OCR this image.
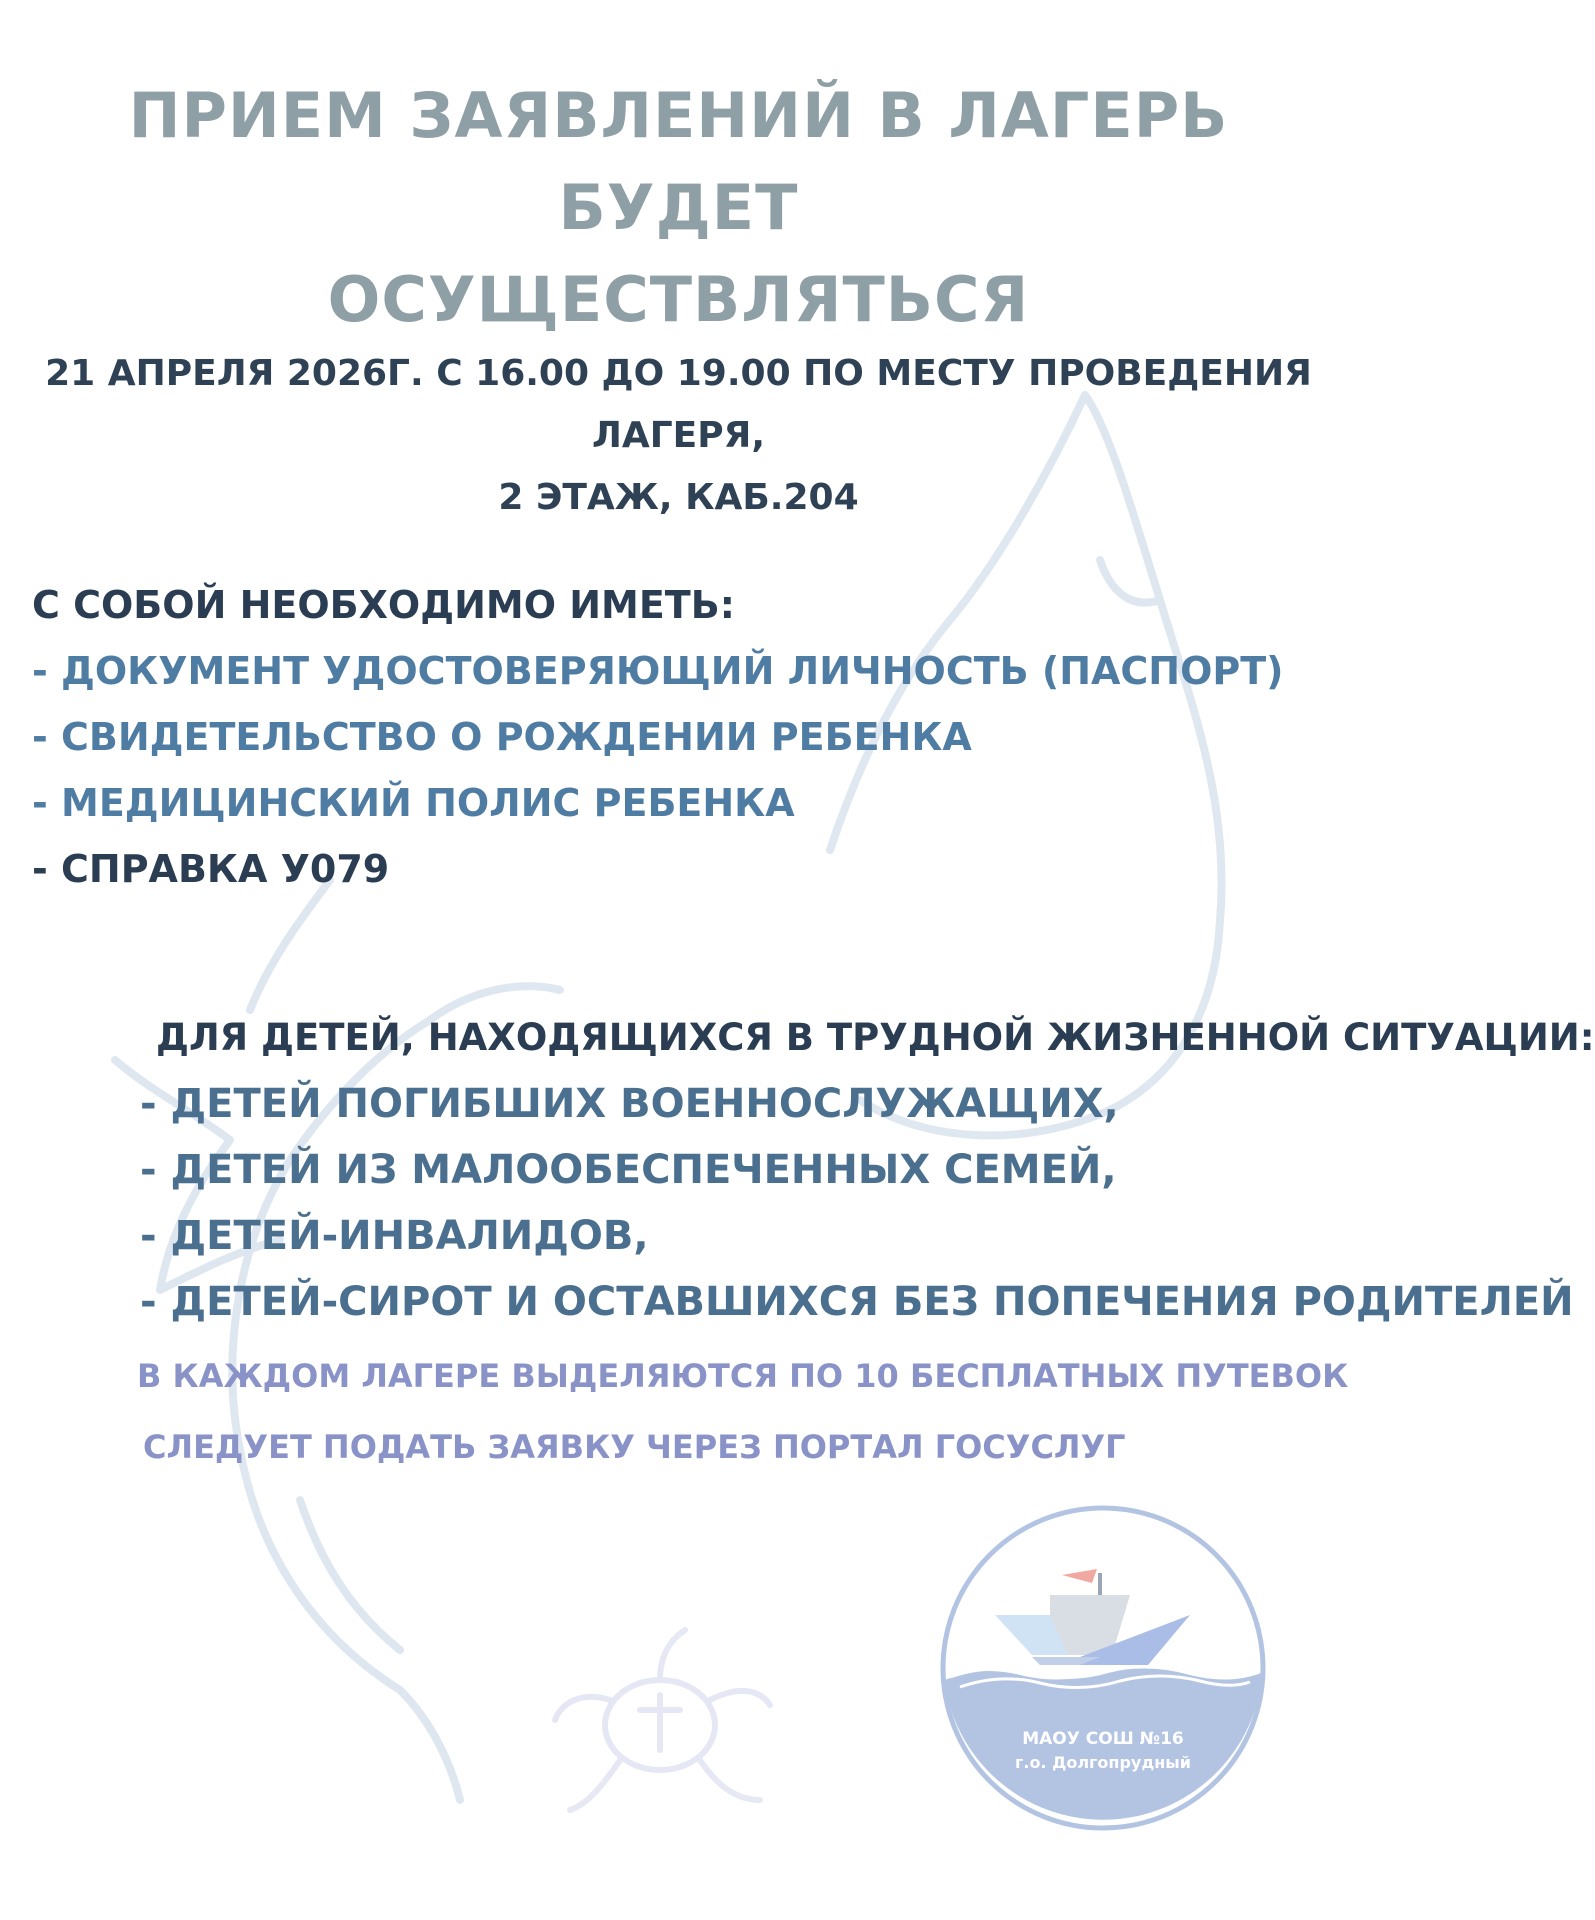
ПРИЕМ ЗАЯВЛЕНИЙ В ЛАГЕРЬ БУДЕТ
ОСУЩЕСТВЛЯТЬСЯ
21 АПРЕЛЯ 2026Г. С 16.00 ДО 19.00 ПО МЕСТУ ПРОВЕДЕНИЯ ЛАГЕРЯ,
2 ЭТАЖ, КАБ.204
С СОБОЙ НЕОБХОДИМО ИМЕТЬ:
- ДОКУМЕНТ УДОСТОВЕРЯЮЩИЙ ЛИЧНОСТЬ (ПАСПОРТ)
- СВИДЕТЕЛЬСТВО О РОЖДЕНИИ РЕБЕНКА
- МЕДИЦИНСКИЙ ПОЛИС РЕБЕНКА
- СПРАВКА У079
ДЛЯ ДЕТЕЙ, НАХОДЯЩИХСЯ В ТРУДНОЙ ЖИЗНЕННОЙ СИТУАЦИИ:
- ДЕТЕЙ ПОГИБШИХ ВОЕННОСЛУЖАЩИХ,
- ДЕТЕЙ ИЗ МАЛООБЕСПЕЧЕННЫХ СЕМЕЙ,
- ДЕТЕЙ-ИНВАЛИДОВ,
- ДЕТЕЙ-СИРОТ И ОСТАВШИХСЯ БЕЗ ПОПЕЧЕНИЯ РОДИТЕЛЕЙ
В КАЖДОМ ЛАГЕРЕ ВЫДЕЛЯЮТСЯ ПО 10 БЕСПЛАТНЫХ ПУТЕВОК
СЛЕДУЕТ ПОДАТЬ ЗАЯВКУ ЧЕРЕЗ ПОРТАЛ ГОСУСЛУГ
МАОУ СОШ №16
г.о. Долгопрудный
